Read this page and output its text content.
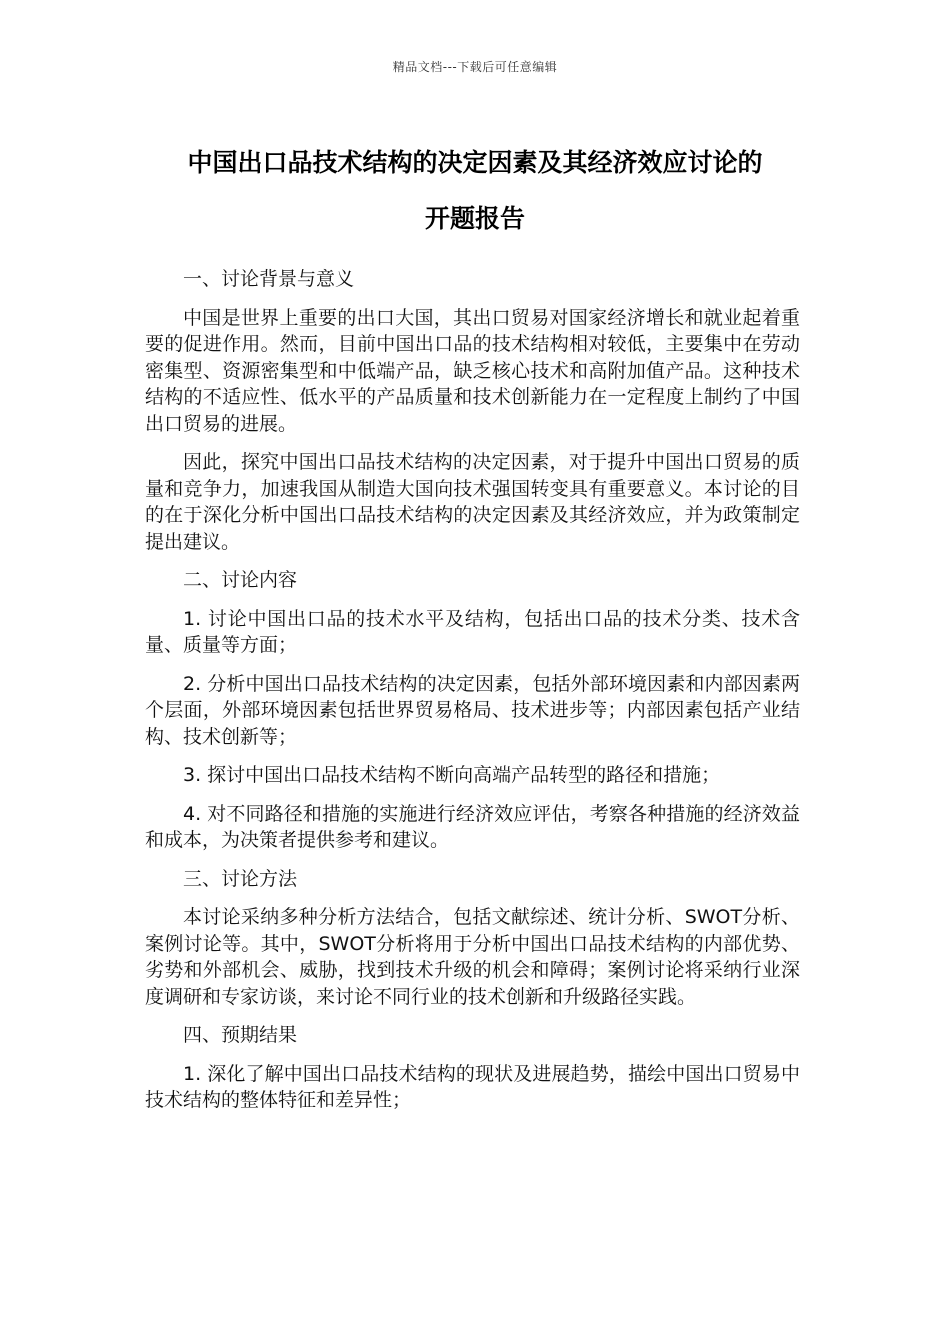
精品文档---下载后可任意编辑
中国出口品技术结构的决定因素及其经济效应讨论的
开题报告

一、讨论背景与意义

中国是世界上重要的出口大国，其出口贸易对国家经济增长和就业起着重要的促进作用。然而，目前中国出口品的技术结构相对较低，主要集中在劳动密集型、资源密集型和中低端产品，缺乏核心技术和高附加值产品。这种技术结构的不适应性、低水平的产品质量和技术创新能力在一定程度上制约了中国出口贸易的进展。

因此，探究中国出口品技术结构的决定因素，对于提升中国出口贸易的质量和竞争力，加速我国从制造大国向技术强国转变具有重要意义。本讨论的目的在于深化分析中国出口品技术结构的决定因素及其经济效应，并为政策制定提出建议。

二、讨论内容

1. 讨论中国出口品的技术水平及结构，包括出口品的技术分类、技术含量、质量等方面；

2. 分析中国出口品技术结构的决定因素，包括外部环境因素和内部因素两个层面，外部环境因素包括世界贸易格局、技术进步等；内部因素包括产业结构、技术创新等；

3. 探讨中国出口品技术结构不断向高端产品转型的路径和措施；

4. 对不同路径和措施的实施进行经济效应评估，考察各种措施的经济效益和成本，为决策者提供参考和建议。

三、讨论方法

本讨论采纳多种分析方法结合，包括文献综述、统计分析、SWOT分析、案例讨论等。其中，SWOT分析将用于分析中国出口品技术结构的内部优势、劣势和外部机会、威胁，找到技术升级的机会和障碍；案例讨论将采纳行业深度调研和专家访谈，来讨论不同行业的技术创新和升级路径实践。

四、预期结果

1. 深化了解中国出口品技术结构的现状及进展趋势，描绘中国出口贸易中技术结构的整体特征和差异性；
